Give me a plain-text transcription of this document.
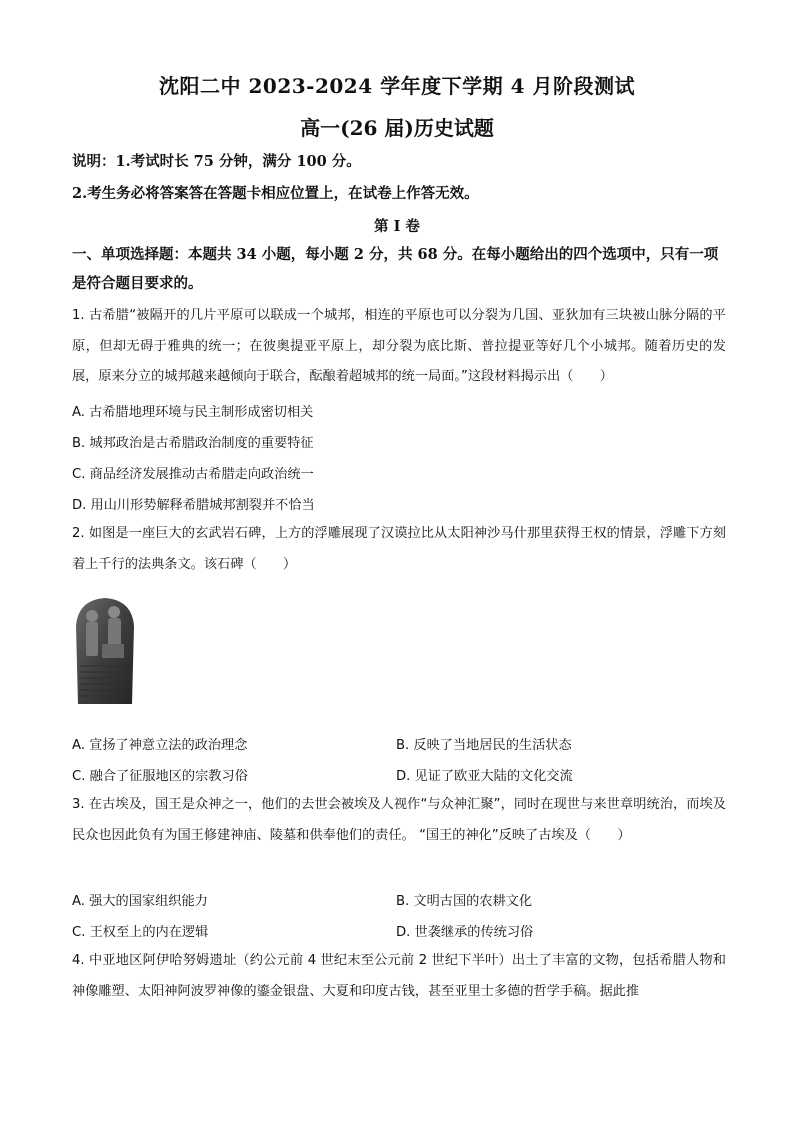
沈阳二中 2023-2024 学年度下学期 4 月阶段测试
高一(26 届)历史试题
说明：1.考试时长 75 分钟，满分 100 分。
2.考生务必将答案答在答题卡相应位置上，在试卷上作答无效。
第 I 卷
一、单项选择题：本题共 34 小题，每小题 2 分，共 68 分。在每小题给出的四个选项中，只有一项是符合题目要求的。
1. 古希腊“被隔开的几片平原可以联成一个城邦，相连的平原也可以分裂为几国、亚狄加有三块被山脉分隔的平原，但却无碍于雅典的统一；在彼奥提亚平原上，却分裂为底比斯、普拉提亚等好几个小城邦。随着历史的发展，原来分立的城邦越来越倾向于联合，酝酿着超城邦的统一局面。”这段材料揭示出（　　）
A. 古希腊地理环境与民主制形成密切相关
B. 城邦政治是古希腊政治制度的重要特征
C. 商品经济发展推动古希腊走向政治统一
D. 用山川形势解释希腊城邦割裂并不恰当
2. 如图是一座巨大的玄武岩石碑，上方的浮雕展现了汉谟拉比从太阳神沙马什那里获得王权的情景，浮雕下方刻着上千行的法典条文。该石碑（　　）
A. 宣扬了神意立法的政治理念	B. 反映了当地居民的生活状态
C. 融合了征服地区的宗教习俗	D. 见证了欧亚大陆的文化交流
3. 在古埃及，国王是众神之一，他们的去世会被埃及人视作“与众神汇聚”，同时在现世与来世章明统治，而埃及民众也因此负有为国王修建神庙、陵墓和供奉他们的责任。 “国王的神化”反映了古埃及（　　）
A. 强大的国家组织能力	B. 文明古国的农耕文化
C. 王权至上的内在逻辑	D. 世袭继承的传统习俗
4. 中亚地区阿伊哈努姆遗址（约公元前 4 世纪末至公元前 2 世纪下半叶）出土了丰富的文物，包括希腊人物和神像雕塑、太阳神阿波罗神像的鎏金银盘、大夏和印度古钱，甚至亚里士多德的哲学手稿。据此推
